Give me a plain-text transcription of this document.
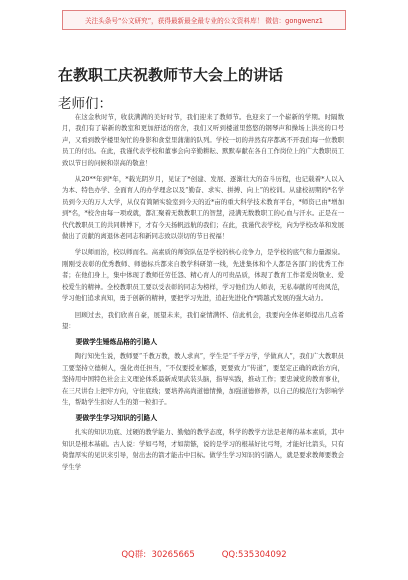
关注头条号“公文研究”，获得最新最全最专业的公文资料库！ 微信：gongwenz1
在教职工庆祝教师节大会上的讲话
老师们：

在这金秋时节，收获满满的美好时节，我们迎来了教师节。也迎来了一个崭新的学期。时隔数月，我们有了崭新的教室和更加舒适的宿舍，我们又听到楼道里悠悠的钢琴声和操场上洪亮的口号声，又看到教学楼里匆忙的身影和食堂里蒲蒲的队列。学校一切的井然有序都离不开我们每一位教职员工的付出。在此，我谨代表学校和董事会向辛勤耕耘、默默奉献在各自工作岗位上的广大教职员工致以节日的问候和崇高的敬意！

从20**年到*年，*载光阴岁月，见证了*创建、发展、逐渐壮大的奋斗历程，也记载着*人以入为本、特色办学、全面育人的办学理念以及“勤奋、求实、拼搏、向上”的校训。从建校初期的*名学员到今天的万人大学，从仅有简陋实验室到今天的近*亩的重大科学技术教育平台，*师资已由*增加到*名，*校舍由每一项或就，都汇聚着无数教职工的智慧，浸满无数教职工的心血与汗水。正是在一代代教职员工的共同耕博下，才有今天扬帆远航的我们；在此，我谨代表学校，向为学校改革和发展做出了贡献的离退休老同志和新同志致以崇切的节日祝福！

学以师而治，校以师而名。高素质的师资队伍是学校的核心竞争力，是学校的底气和力量源泉。刚刚受表彰的优秀教师、师德标兵都来自教学科研第一线，先进集体和个人都是各部门的优秀工作者；在他们身上，集中体现了教师任劳任怨、精心育人的可贵品质，体现了教育工作者爱岗敬业、爱校爱生的精神。全校教职员工要以受表彰的同志为榜样，学习他们为人师表，无私奉献的可贵风范，学习他们追求真知，勇于创新的精神，要把学习先进，追赶先进化作*跨越式发展的强大动力。

回顾过去，我们欣喜自豪，展望未来，我们豪情满怀、信此机会，我要向全体老师提出几点希望：

要做学生锤炼品格的引路人

陶行知先生说，教师要“千教万教，教人求真”，学生是“千学万学，学做真人”，我们广大教职员工要坚持立德树人，强化责任担当，“不仅要授业解惑，更要致力“传道”，要坚定正确的政治方向，坚持用中国特色社会主义理论体系最新成果武装头脑，指导实践，推动工作；要忠诚党的教育事业，在三尺讲台上把牢方向，守住底线；要培养高尚道德情操，加强道德修养，以自己的模范行为影响学生，帮助学生扣好人生的第一粒扣子。

要做学生学习知识的引路人

扎实的知识功底、过硬的教学能力、勤勉的教学态度，科学的教学方法是老师的基本素质，其中知识是根本基础。古人说：学如弓弩，才如箭镞，说的是学习的根基好比弓弩，才能好比箭头，只有倚靠厚实的见识来引导，射出去的箭才能击中目标。做学生学习知识的引路人，就是要求教师要教会学生学

QQ群:  30265665          QQ:535304092
